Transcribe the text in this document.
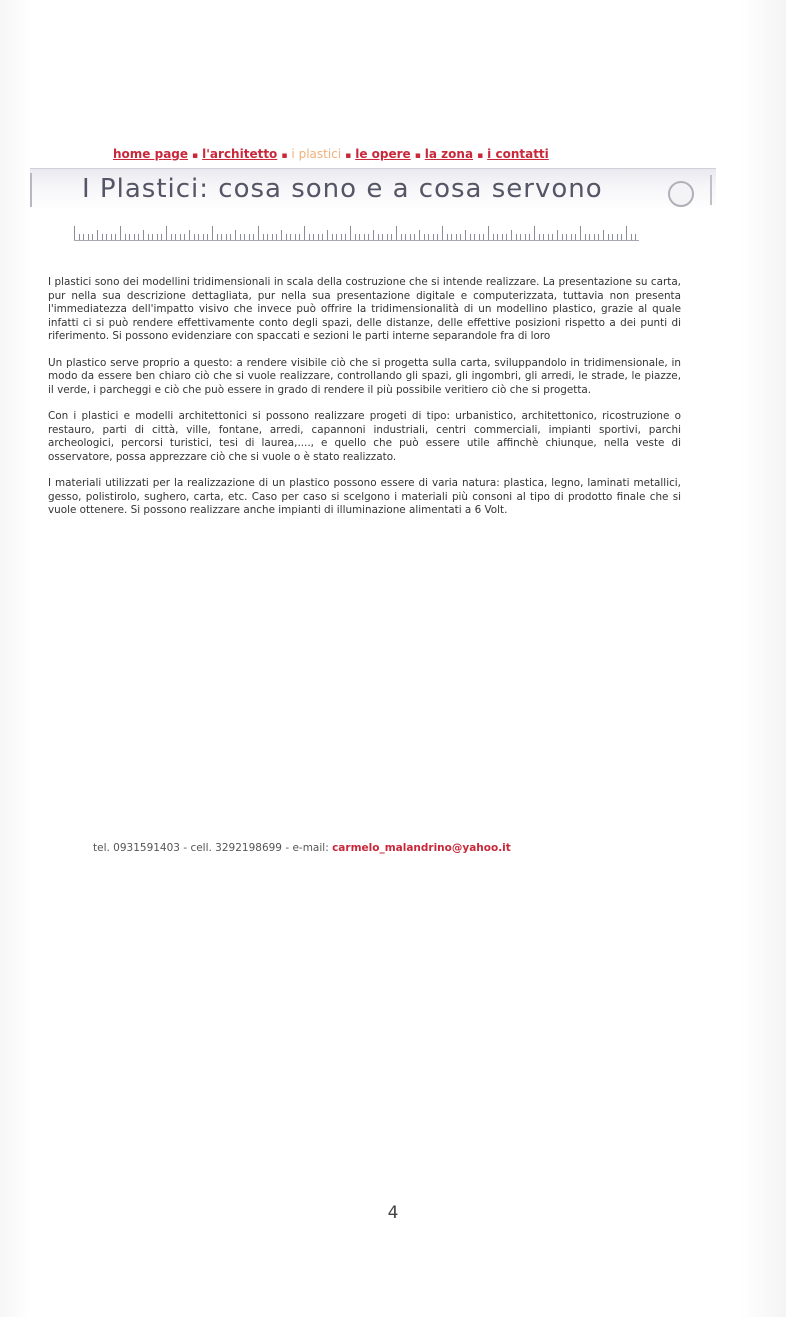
home page ▪ l'architetto ▪ i plastici ▪ le opere ▪ la zona ▪ i contatti
I Plastici: cosa sono e a cosa servono

I plastici sono dei modellini tridimensionali in scala della costruzione che si intende realizzare. La presentazione su carta, pur nella sua descrizione dettagliata, pur nella sua presentazione digitale e computerizzata, tuttavia non presenta l'immediatezza dell'impatto visivo che invece può offrire la tridimensionalità di un modellino plastico, grazie al quale infatti ci si può rendere effettivamente conto degli spazi, delle distanze, delle effettive posizioni rispetto a dei punti di riferimento. Si possono evidenziare con spaccati e sezioni le parti interne separandole fra di loro

Un plastico serve proprio a questo: a rendere visibile ciò che si progetta sulla carta, sviluppandolo in tridimensionale, in modo da essere ben chiaro ciò che si vuole realizzare, controllando gli spazi, gli ingombri, gli arredi, le strade, le piazze, il verde, i parcheggi e ciò che può essere in grado di rendere il più possibile veritiero ciò che si progetta.

Con i plastici e modelli architettonici si possono realizzare progeti di tipo: urbanistico, architettonico, ricostruzione o restauro, parti di città, ville, fontane, arredi, capannoni industriali, centri commerciali, impianti sportivi, parchi archeologici, percorsi turistici, tesi di laurea,...., e quello che può essere utile affinchè chiunque, nella veste di osservatore, possa apprezzare ciò che si vuole o è stato realizzato.

I materiali utilizzati per la realizzazione di un plastico possono essere di varia natura: plastica, legno, laminati metallici, gesso, polistirolo, sughero, carta, etc. Caso per caso si scelgono i materiali più consoni al tipo di prodotto finale che si vuole ottenere. Si possono realizzare anche impianti di illuminazione alimentati a 6 Volt.

tel. 0931591403 - cell. 3292198699 - e-mail: carmelo_malandrino@yahoo.it
4
